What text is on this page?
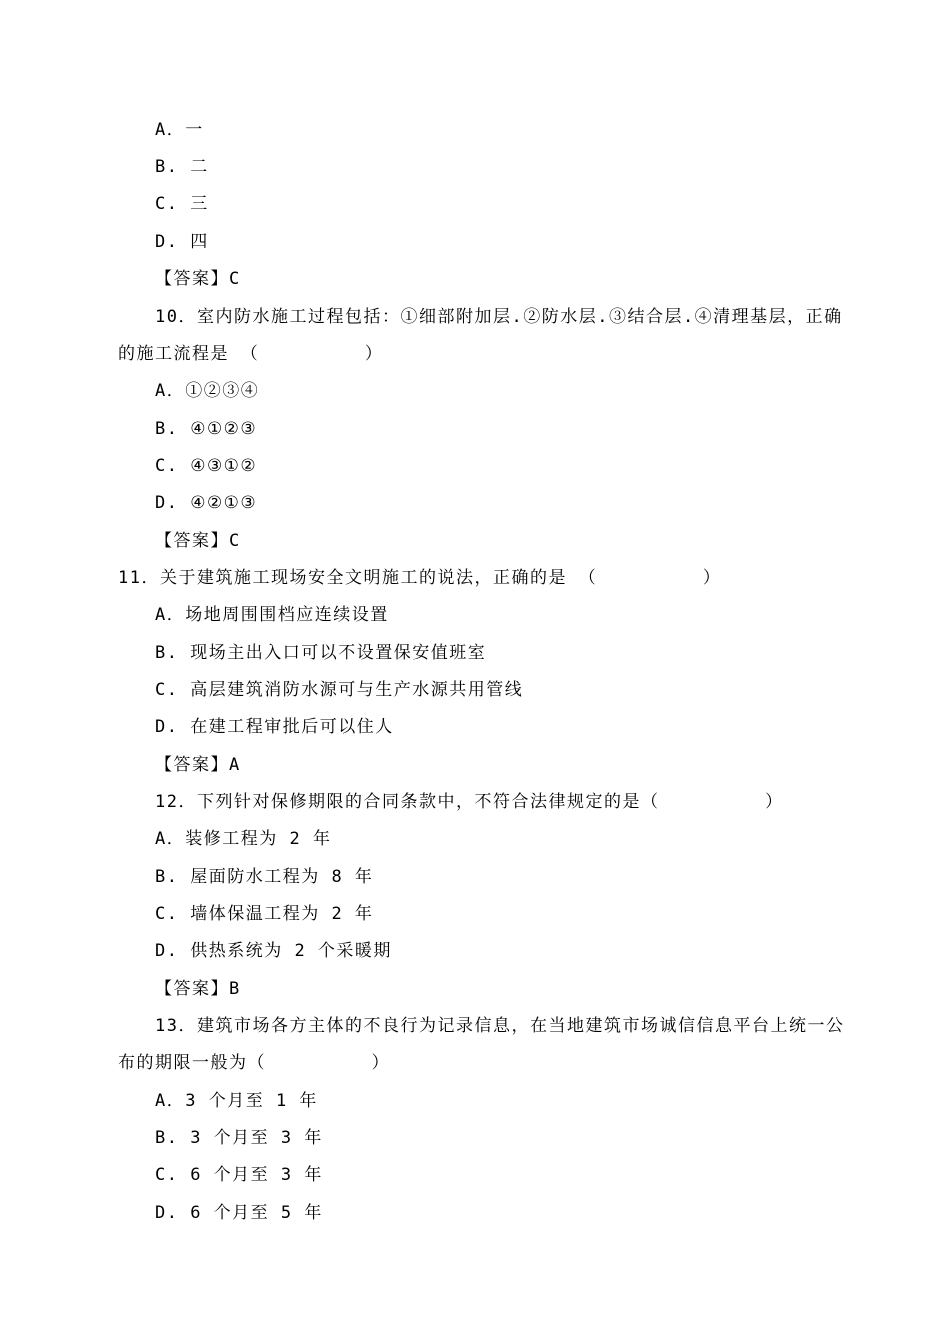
A．一
B. 二
C. 三
D. 四
【答案】C
10．室内防水施工过程包括：①细部附加层.②防水层.③结合层.④清理基层，正确
的施工流程是 （         ）
A．①②③④
B. ④①②③
C. ④③①②
D. ④②①③
【答案】C
11．关于建筑施工现场安全文明施工的说法，正确的是 （         ）
A．场地周围围档应连续设置
B. 现场主出入口可以不设置保安值班室
C. 高层建筑消防水源可与生产水源共用管线
D. 在建工程审批后可以住人
【答案】A
12．下列针对保修期限的合同条款中，不符合法律规定的是（         ）
A．装修工程为 2 年
B. 屋面防水工程为 8 年
C. 墙体保温工程为 2 年
D. 供热系统为 2 个采暖期
【答案】B
13．建筑市场各方主体的不良行为记录信息，在当地建筑市场诚信信息平台上统一公
布的期限一般为（         ）
A．3 个月至 1 年
B. 3 个月至 3 年
C. 6 个月至 3 年
D. 6 个月至 5 年
